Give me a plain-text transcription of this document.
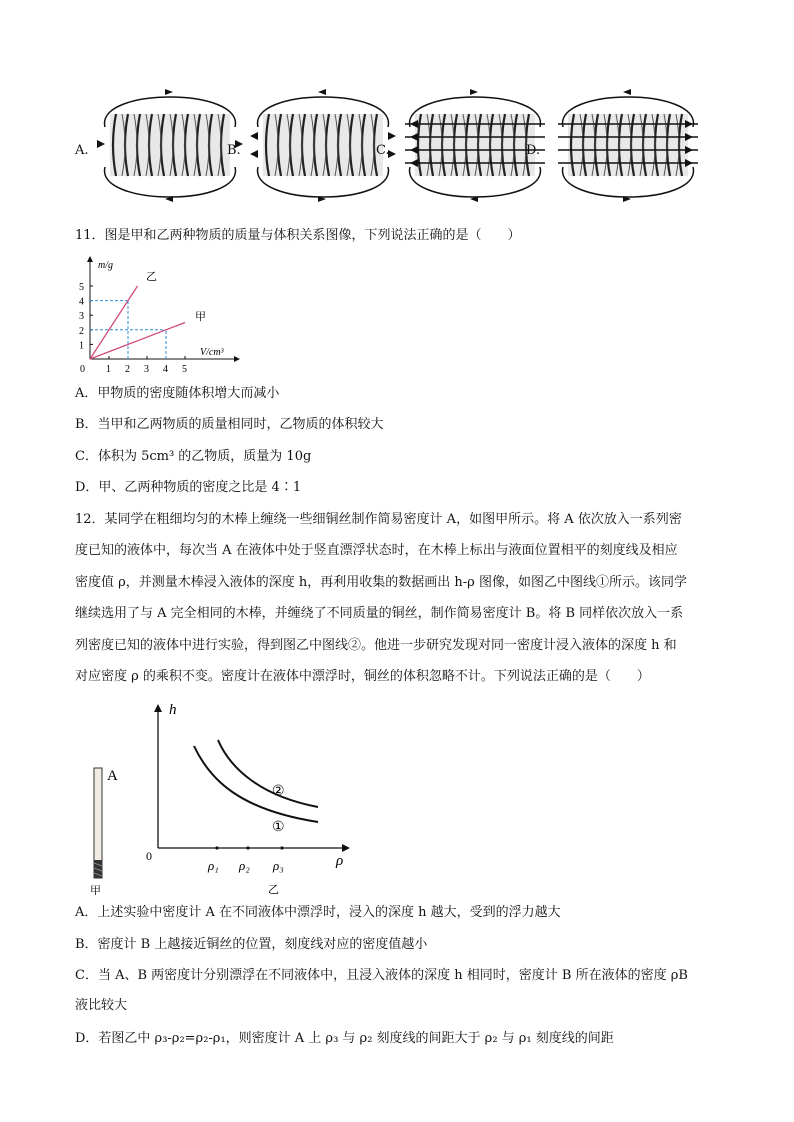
A.	B.	C.	D.
11．图是甲和乙两种物质的质量与体积关系图像，下列说法正确的是（　　）
m/g
V/cm³
0 1 2 3 4 5
1
2
3
4
5
乙
甲
A．甲物质的密度随体积增大而减小
B．当甲和乙两物质的质量相同时，乙物质的体积较大
C．体积为 5cm³ 的乙物质，质量为 10g
D．甲、乙两种物质的密度之比是 4∶1
12．某同学在粗细均匀的木棒上缠绕一些细铜丝制作简易密度计 A，如图甲所示。将 A 依次放入一系列密
度已知的液体中，每次当 A 在液体中处于竖直漂浮状态时，在木棒上标出与液面位置相平的刻度线及相应
密度值 ρ，并测量木棒浸入液体的深度 h，再利用收集的数据画出 h-ρ 图像，如图乙中图线①所示。该同学
继续选用了与 A 完全相同的木棒，并缠绕了不同质量的铜丝，制作简易密度计 B。将 B 同样依次放入一系
列密度已知的液体中进行实验，得到图乙中图线②。他进一步研究发现对同一密度计浸入液体的深度 h 和
对应密度 ρ 的乘积不变。密度计在液体中漂浮时，铜丝的体积忽略不计。下列说法正确的是（　　）
A
甲
h
ρ
0
②
①
ρ₁ ρ₂ ρ₃
乙
A．上述实验中密度计 A 在不同液体中漂浮时，浸入的深度 h 越大，受到的浮力越大
B．密度计 B 上越接近铜丝的位置，刻度线对应的密度值越小
C．当 A、B 两密度计分别漂浮在不同液体中，且浸入液体的深度 h 相同时，密度计 B 所在液体的密度 ρB
液比较大
D．若图乙中 ρ₃-ρ₂=ρ₂-ρ₁，则密度计 A 上 ρ₃ 与 ρ₂ 刻度线的间距大于 ρ₂ 与 ρ₁ 刻度线的间距
